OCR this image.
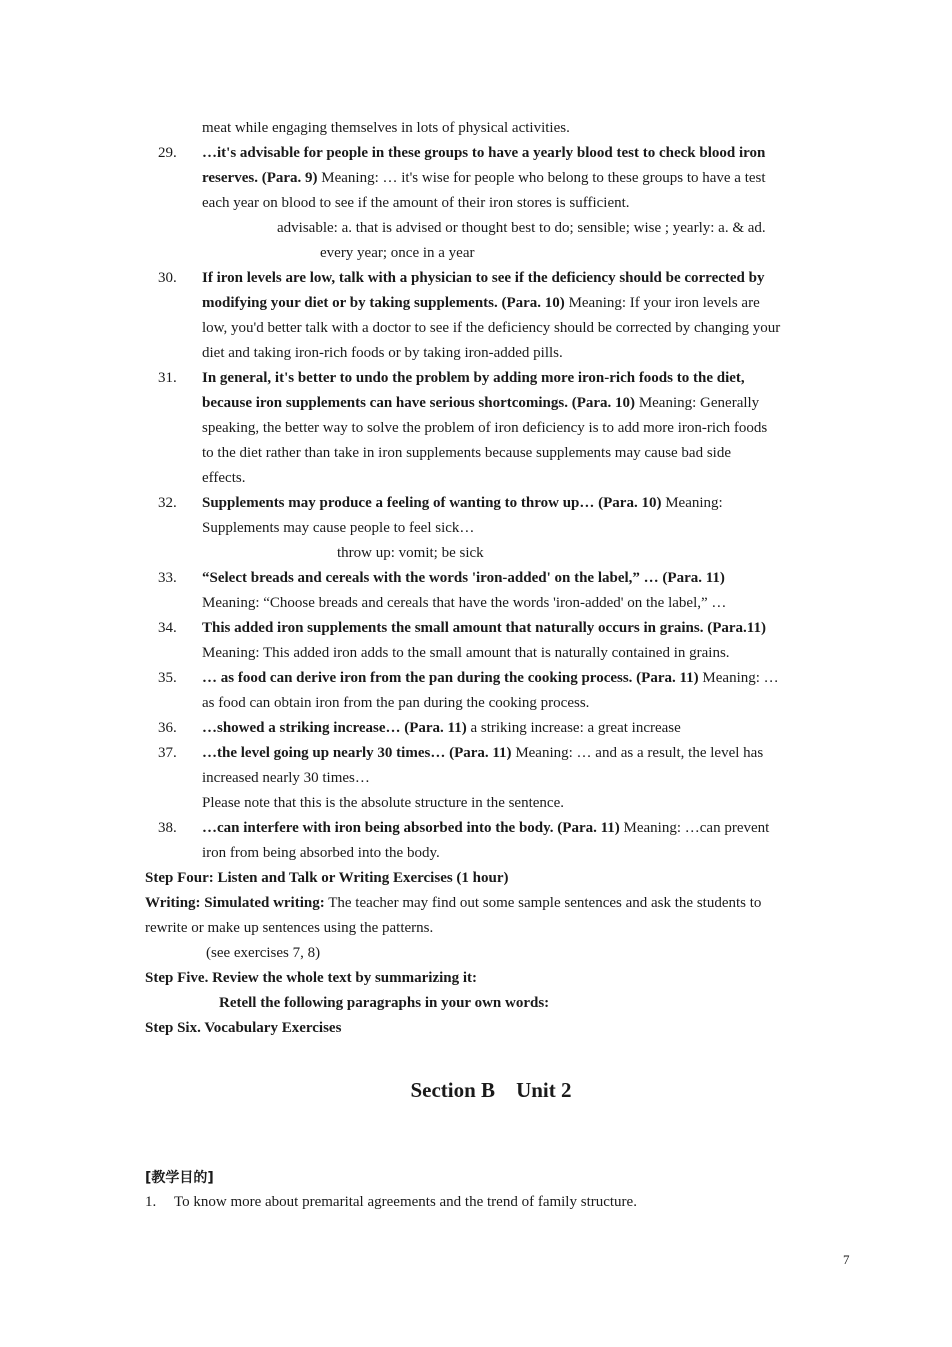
meat while engaging themselves in lots of physical activities.
29.	…it's advisable for people in these groups to have a yearly blood test to check blood iron
reserves. (Para. 9) Meaning: … it's wise for people who belong to these groups to have a test
each year on blood to see if the amount of their iron stores is sufficient.
advisable: a. that is advised or thought best to do; sensible; wise ; yearly: a. & ad.
every year; once in a year
30.	If iron levels are low, talk with a physician to see if the deficiency should be corrected by
modifying your diet or by taking supplements. (Para. 10) Meaning: If your iron levels are
low, you'd better talk with a doctor to see if the deficiency should be corrected by changing your
diet and taking iron-rich foods or by taking iron-added pills.
31.	In general, it's better to undo the problem by adding more iron-rich foods to the diet,
because iron supplements can have serious shortcomings. (Para. 10) Meaning: Generally
speaking, the better way to solve the problem of iron deficiency is to add more iron-rich foods
to the diet rather than take in iron supplements because supplements may cause bad side
effects.
32.	Supplements may produce a feeling of wanting to throw up… (Para. 10) Meaning:
Supplements may cause people to feel sick…
throw up: vomit; be sick
33.	“Select breads and cereals with the words 'iron-added' on the label,” … (Para. 11)
Meaning: “Choose breads and cereals that have the words 'iron-added' on the label,” …
34.	This added iron supplements the small amount that naturally occurs in grains. (Para.11)
Meaning: This added iron adds to the small amount that is naturally contained in grains.
35.	… as food can derive iron from the pan during the cooking process. (Para. 11) Meaning: …
as food can obtain iron from the pan during the cooking process.
36.	…showed a striking increase… (Para. 11) a striking increase: a great increase
37.	…the level going up nearly 30 times… (Para. 11) Meaning: … and as a result, the level has
increased nearly 30 times…
Please note that this is the absolute structure in the sentence.
38.	…can interfere with iron being absorbed into the body. (Para. 11) Meaning: …can prevent
iron from being absorbed into the body.
Step Four: Listen and Talk or Writing Exercises (1 hour)
Writing: Simulated writing: The teacher may find out some sample sentences and ask the students to
rewrite or make up sentences using the patterns.
(see exercises 7, 8)
Step Five. Review the whole text by summarizing it:
Retell the following paragraphs in your own words:
Step Six. Vocabulary Exercises
Section B    Unit 2
[教学目的]
1. To know more about premarital agreements and the trend of family structure.
7
